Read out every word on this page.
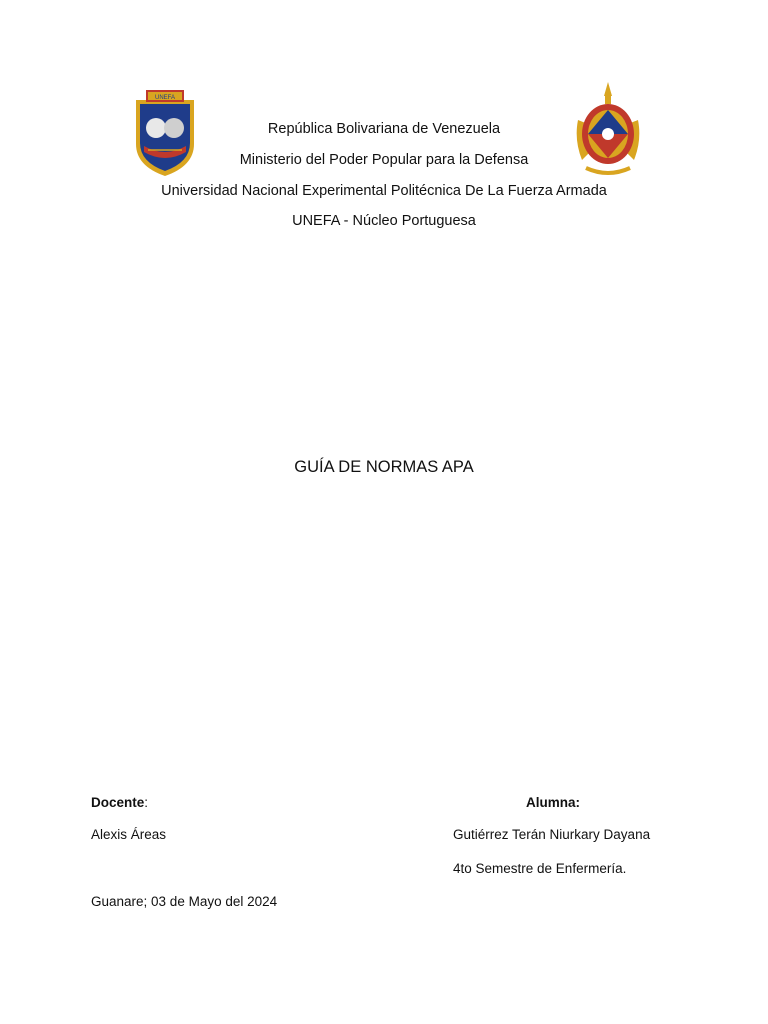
UNEFA
República Bolivariana de Venezuela
Ministerio del Poder Popular para la Defensa
Universidad Nacional Experimental Politécnica De La Fuerza Armada
UNEFA - Núcleo Portuguesa
GUÍA DE NORMAS APA
Docente:
Alexis Áreas
Alumna:
Gutiérrez Terán Niurkary Dayana
4to Semestre de Enfermería.
Guanare; 03 de Mayo del 2024
